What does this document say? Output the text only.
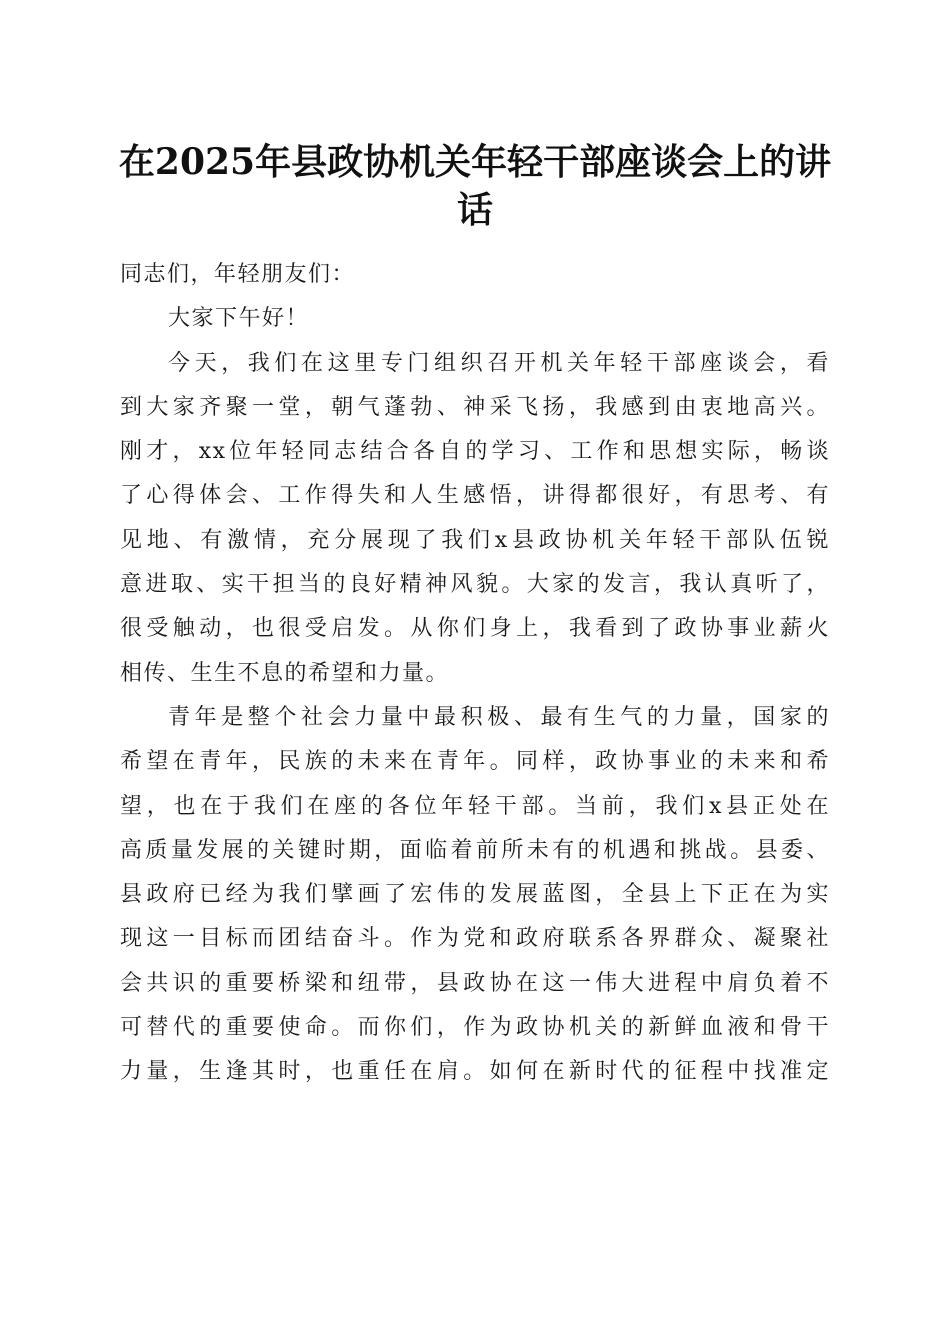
在2025年县政协机关年轻干部座谈会上的讲
话
同志们，年轻朋友们：
大家下午好！
今天，我们在这里专门组织召开机关年轻干部座谈会，看
到大家齐聚一堂，朝气蓬勃、神采飞扬，我感到由衷地高兴。
刚才，xx位年轻同志结合各自的学习、工作和思想实际，畅谈
了心得体会、工作得失和人生感悟，讲得都很好，有思考、有
见地、有激情，充分展现了我们x县政协机关年轻干部队伍锐
意进取、实干担当的良好精神风貌。大家的发言，我认真听了，
很受触动，也很受启发。从你们身上，我看到了政协事业薪火
相传、生生不息的希望和力量。
青年是整个社会力量中最积极、最有生气的力量，国家的
希望在青年，民族的未来在青年。同样，政协事业的未来和希
望，也在于我们在座的各位年轻干部。当前，我们x县正处在
高质量发展的关键时期，面临着前所未有的机遇和挑战。县委、
县政府已经为我们擘画了宏伟的发展蓝图，全县上下正在为实
现这一目标而团结奋斗。作为党和政府联系各界群众、凝聚社
会共识的重要桥梁和纽带，县政协在这一伟大进程中肩负着不
可替代的重要使命。而你们，作为政协机关的新鲜血液和骨干
力量，生逢其时，也重任在肩。如何在新时代的征程中找准定
